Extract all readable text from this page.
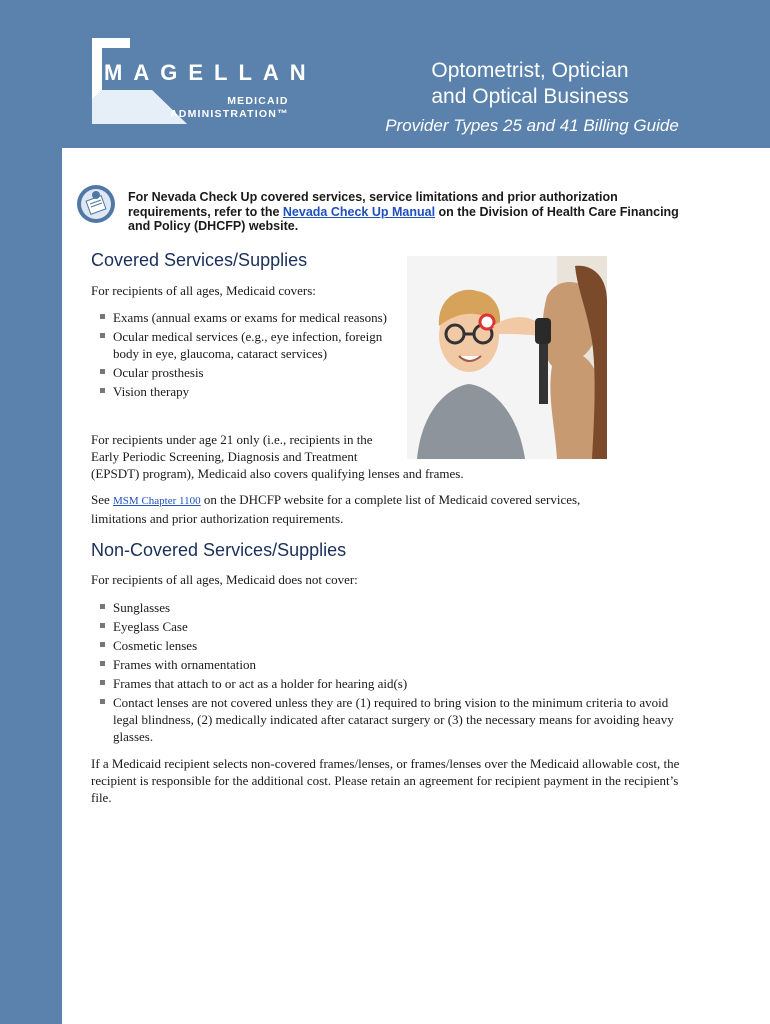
MAGELLAN
MEDICAID
ADMINISTRATION™
Optometrist, Optician
and Optical Business
Provider Types 25 and 41 Billing Guide
For Nevada Check Up covered services, service limitations and prior authorization requirements, refer to the Nevada Check Up Manual on the Division of Health Care Financing and Policy (DHCFP) website.
Covered Services/Supplies

For recipients of all ages, Medicaid covers:

Exams (annual exams or exams for medical reasons)
Ocular medical services (e.g., eye infection, foreign body in eye, glaucoma, cataract services)
Ocular prosthesis
Vision therapy

For recipients under age 21 only (i.e., recipients in the
Early Periodic Screening, Diagnosis and Treatment
(EPSDT) program), Medicaid also covers qualifying lenses and frames.

See MSM Chapter 1100 on the DHCFP website for a complete list of Medicaid covered services, limitations and prior authorization requirements.

Non-Covered Services/Supplies

For recipients of all ages, Medicaid does not cover:

Sunglasses
Eyeglass Case
Cosmetic lenses
Frames with ornamentation
Frames that attach to or act as a holder for hearing aid(s)
Contact lenses are not covered unless they are (1) required to bring vision to the minimum criteria to avoid legal blindness, (2) medically indicated after cataract surgery or (3) the necessary means for avoiding heavy glasses.

If a Medicaid recipient selects non-covered frames/lenses, or frames/lenses over the Medicaid allowable cost, the recipient is responsible for the additional cost. Please retain an agreement for recipient payment in the recipient’s file.
